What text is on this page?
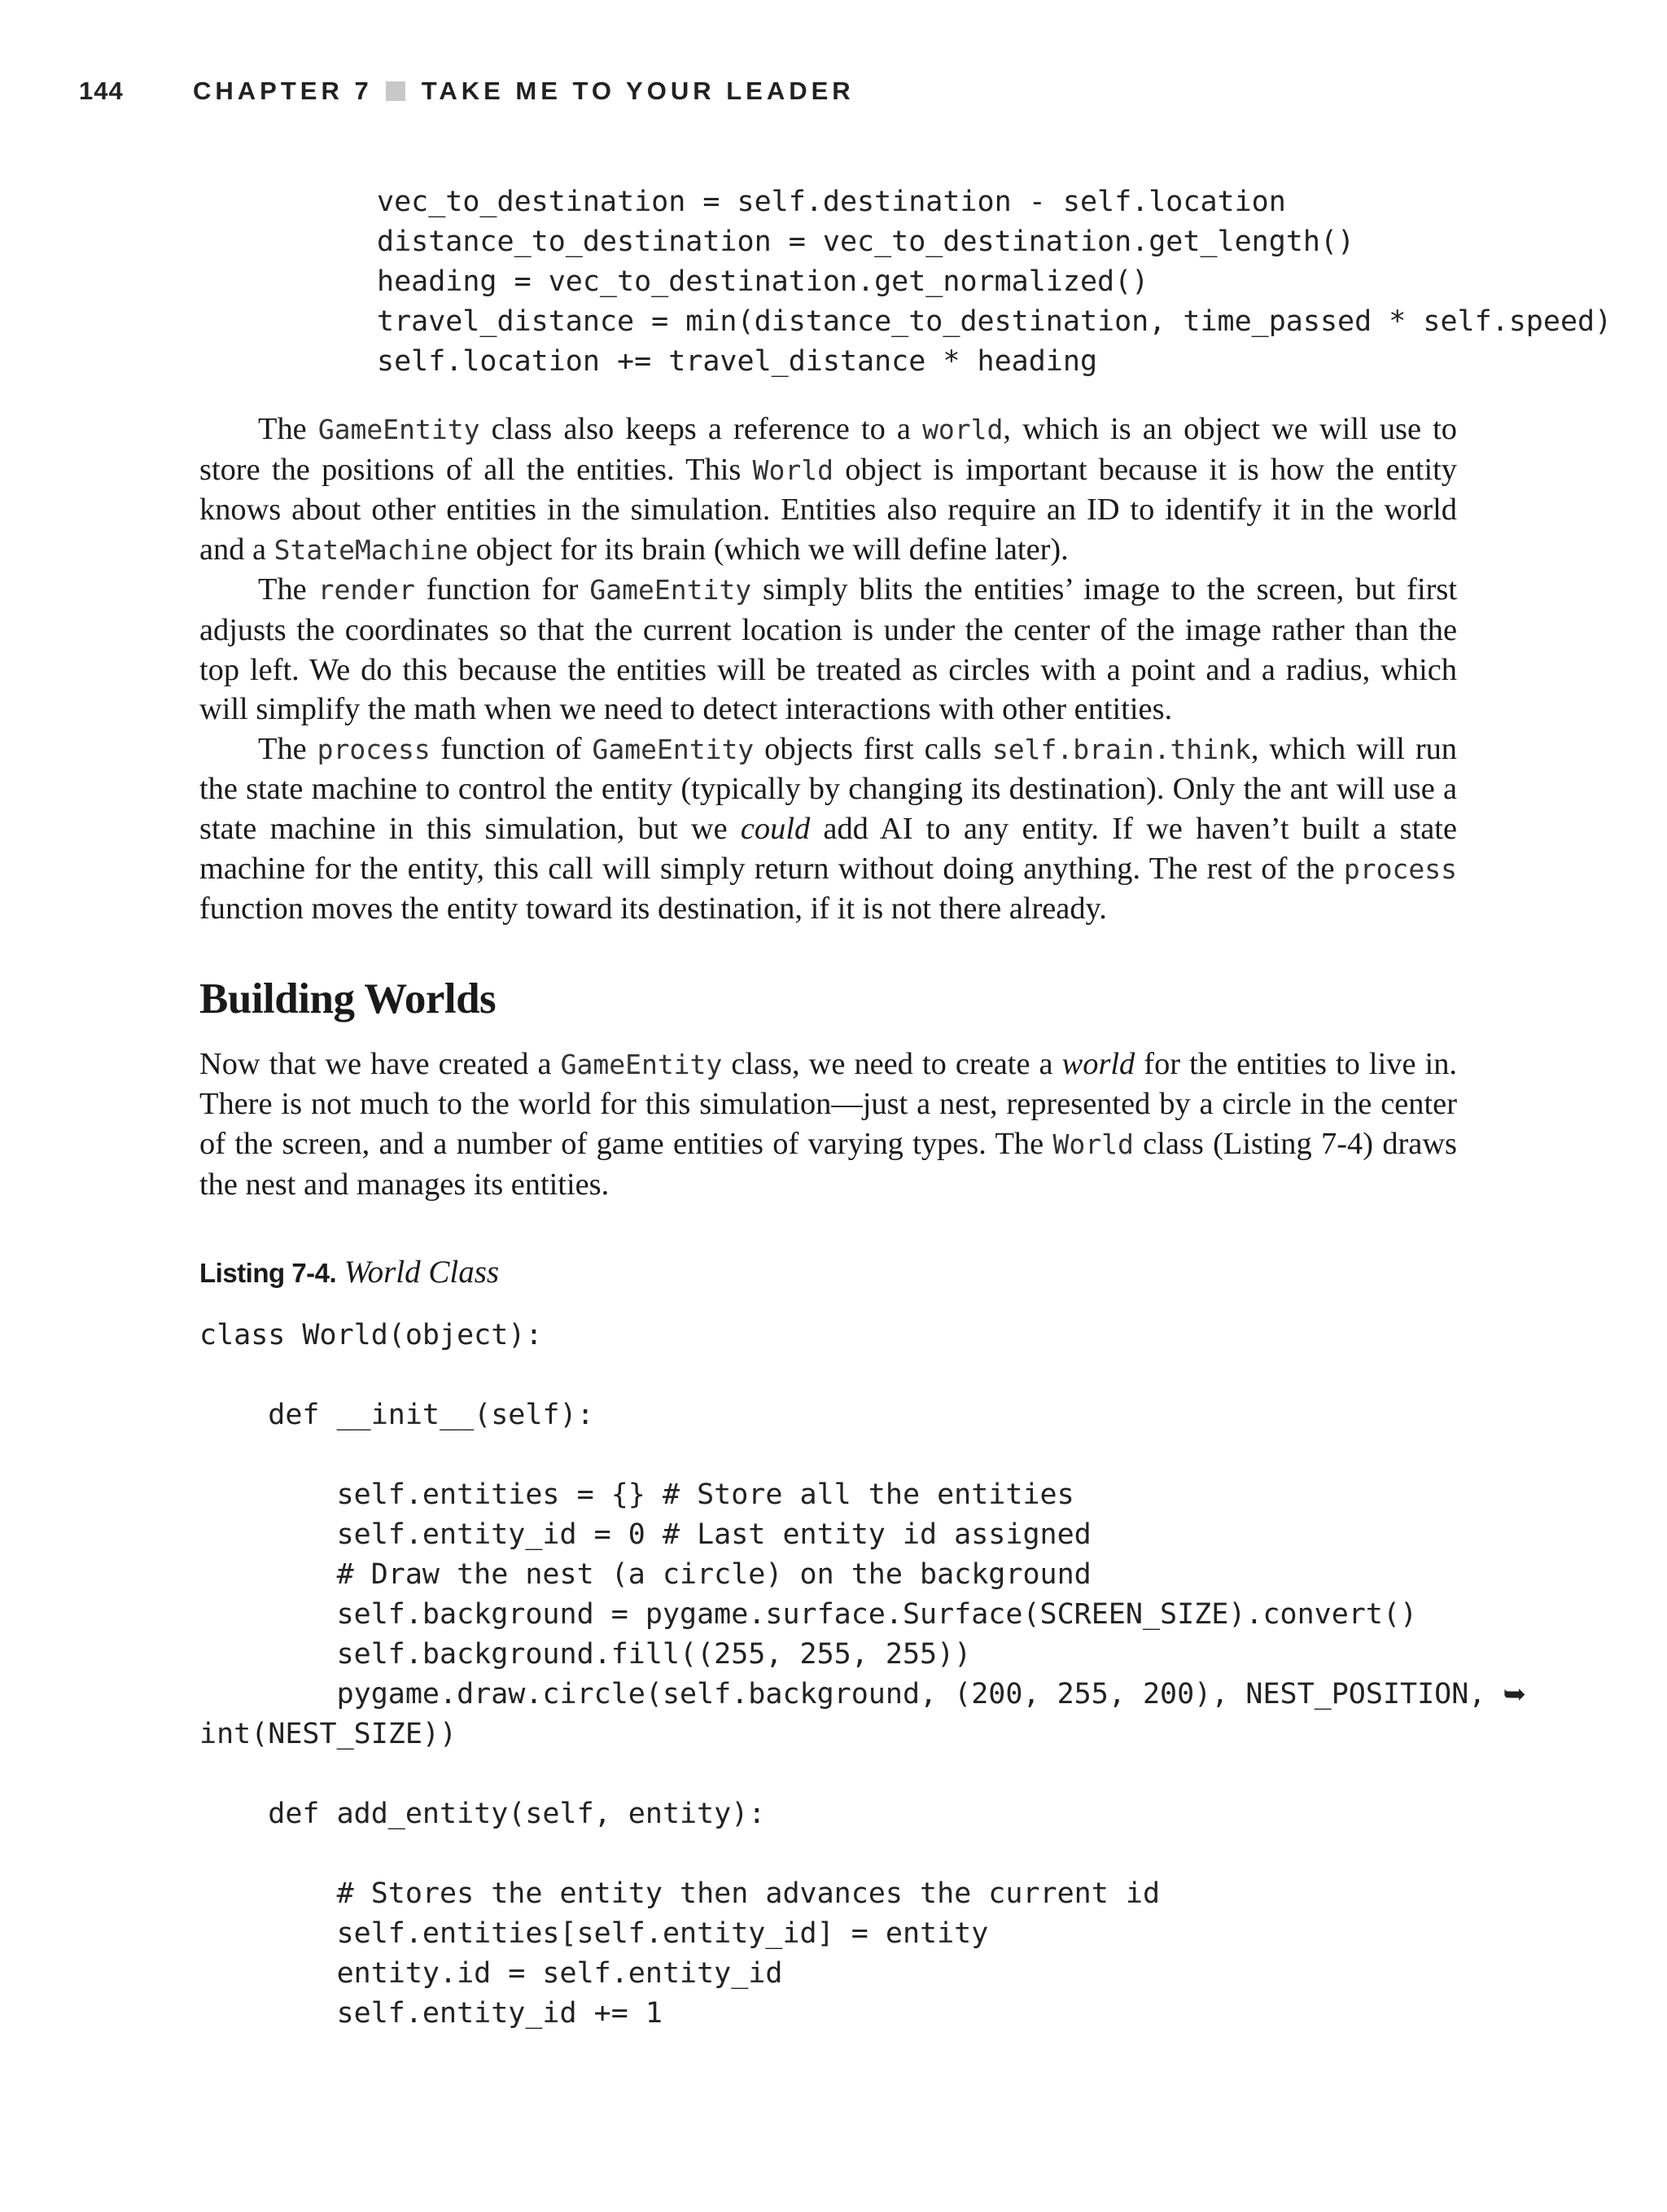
144	CHAPTER 7 TAKE ME TO YOUR LEADER
vec_to_destination = self.destination - self.location
distance_to_destination = vec_to_destination.get_length()
heading = vec_to_destination.get_normalized()
travel_distance = min(distance_to_destination, time_passed * self.speed)
self.location += travel_distance * heading

The GameEntity class also keeps a reference to a world, which is an object we will use to store the positions of all the entities. This World object is important because it is how the entity knows about other entities in the simulation. Entities also require an ID to identify it in the world and a StateMachine object for its brain (which we will define later).

The render function for GameEntity simply blits the entities’ image to the screen, but first adjusts the coordinates so that the current location is under the center of the image rather than the top left. We do this because the entities will be treated as circles with a point and a radius, which will simplify the math when we need to detect interactions with other entities.

The process function of GameEntity objects first calls self.brain.think, which will run the state machine to control the entity (typically by changing its destination). Only the ant will use a state machine in this simulation, but we could add AI to any entity. If we haven’t built a state machine for the entity, this call will simply return without doing anything. The rest of the process function moves the entity toward its destination, if it is not there already.

Building Worlds

Now that we have created a GameEntity class, we need to create a world for the entities to live in. There is not much to the world for this simulation—just a nest, represented by a circle in the center of the screen, and a number of game entities of varying types. The World class (Listing 7-4) draws the nest and manages its entities.

Listing 7-4. World Class
class World(object):
def __init__(self):
self.entities = {} # Store all the entities
self.entity_id = 0 # Last entity id assigned
# Draw the nest (a circle) on the background
self.background = pygame.surface.Surface(SCREEN_SIZE).convert()
self.background.fill((255, 255, 255))
pygame.draw.circle(self.background, (200, 255, 200), NEST_POSITION, ➥
int(NEST_SIZE))
def add_entity(self, entity):
# Stores the entity then advances the current id
self.entities[self.entity_id] = entity
entity.id = self.entity_id
self.entity_id += 1
